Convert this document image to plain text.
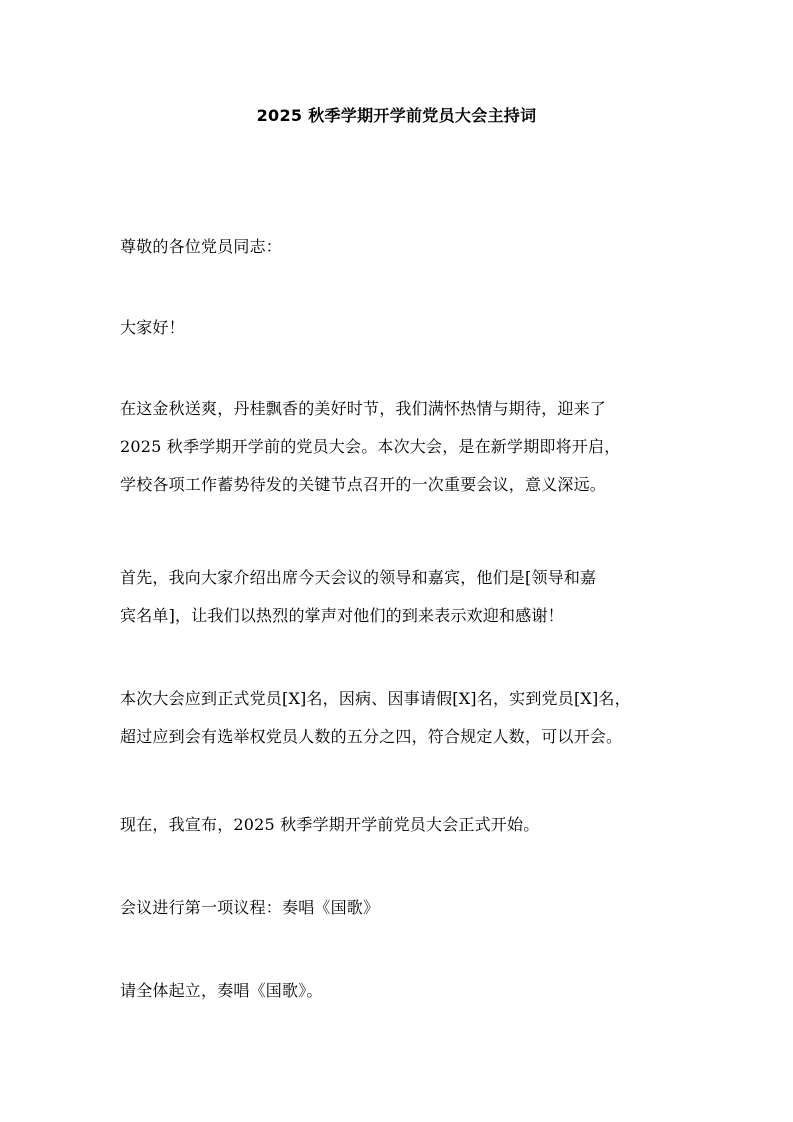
2025 秋季学期开学前党员大会主持词
尊敬的各位党员同志：
大家好！
在这金秋送爽，丹桂飘香的美好时节，我们满怀热情与期待，迎来了
2025 秋季学期开学前的党员大会。本次大会，是在新学期即将开启，
学校各项工作蓄势待发的关键节点召开的一次重要会议，意义深远。
首先，我向大家介绍出席今天会议的领导和嘉宾，他们是[领导和嘉
宾名单]，让我们以热烈的掌声对他们的到来表示欢迎和感谢！
本次大会应到正式党员[X]名，因病、因事请假[X]名，实到党员[X]名，
超过应到会有选举权党员人数的五分之四，符合规定人数，可以开会。
现在，我宣布，2025 秋季学期开学前党员大会正式开始。
会议进行第一项议程：奏唱《国歌》
请全体起立，奏唱《国歌》。
